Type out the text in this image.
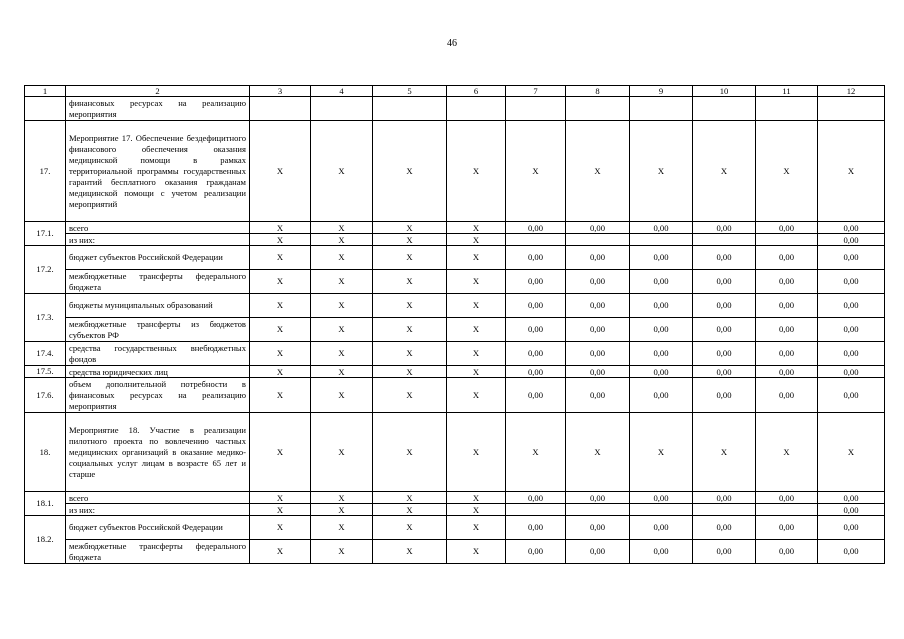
46
1	2	3	4	5	6	7	8	9	10	11	12
	финансовых ресурсах на реализацию мероприятия										
17.	Мероприятие 17. Обеспечение бездефицитного финансового обеспечения оказания медицинской помощи в рамках территориальной программы государственных гарантий бесплатного оказания гражданам медицинской помощи с учетом реализации мероприятий	X	X	X	X	X	X	X	X	X	X
17.1.	всего	X	X	X	X	0,00	0,00	0,00	0,00	0,00	0,00
	из них:	X	X	X	X						0,00
17.2.	бюджет субъектов Российской Федерации	X	X	X	X	0,00	0,00	0,00	0,00	0,00	0,00
	межбюджетные трансферты федерального бюджета	X	X	X	X	0,00	0,00	0,00	0,00	0,00	0,00
17.3.	бюджеты муниципальных образований	X	X	X	X	0,00	0,00	0,00	0,00	0,00	0,00
	межбюджетные трансферты из бюджетов субъектов РФ	X	X	X	X	0,00	0,00	0,00	0,00	0,00	0,00
17.4.	средства государственных внебюджетных фондов	X	X	X	X	0,00	0,00	0,00	0,00	0,00	0,00
17.5.	средства юридических лиц	X	X	X	X	0,00	0,00	0,00	0,00	0,00	0,00
17.6.	объем дополнительной потребности в финансовых ресурсах на реализацию мероприятия	X	X	X	X	0,00	0,00	0,00	0,00	0,00	0,00
18.	Мероприятие 18. Участие в реализации пилотного проекта по вовлечению частных медицинских организаций в оказание медико-социальных услуг лицам в возрасте 65 лет и старше	X	X	X	X	X	X	X	X	X	X
18.1.	всего	X	X	X	X	0,00	0,00	0,00	0,00	0,00	0,00
	из них:	X	X	X	X						0,00
18.2.	бюджет субъектов Российской Федерации	X	X	X	X	0,00	0,00	0,00	0,00	0,00	0,00
	межбюджетные трансферты федерального бюджета	X	X	X	X	0,00	0,00	0,00	0,00	0,00	0,00
